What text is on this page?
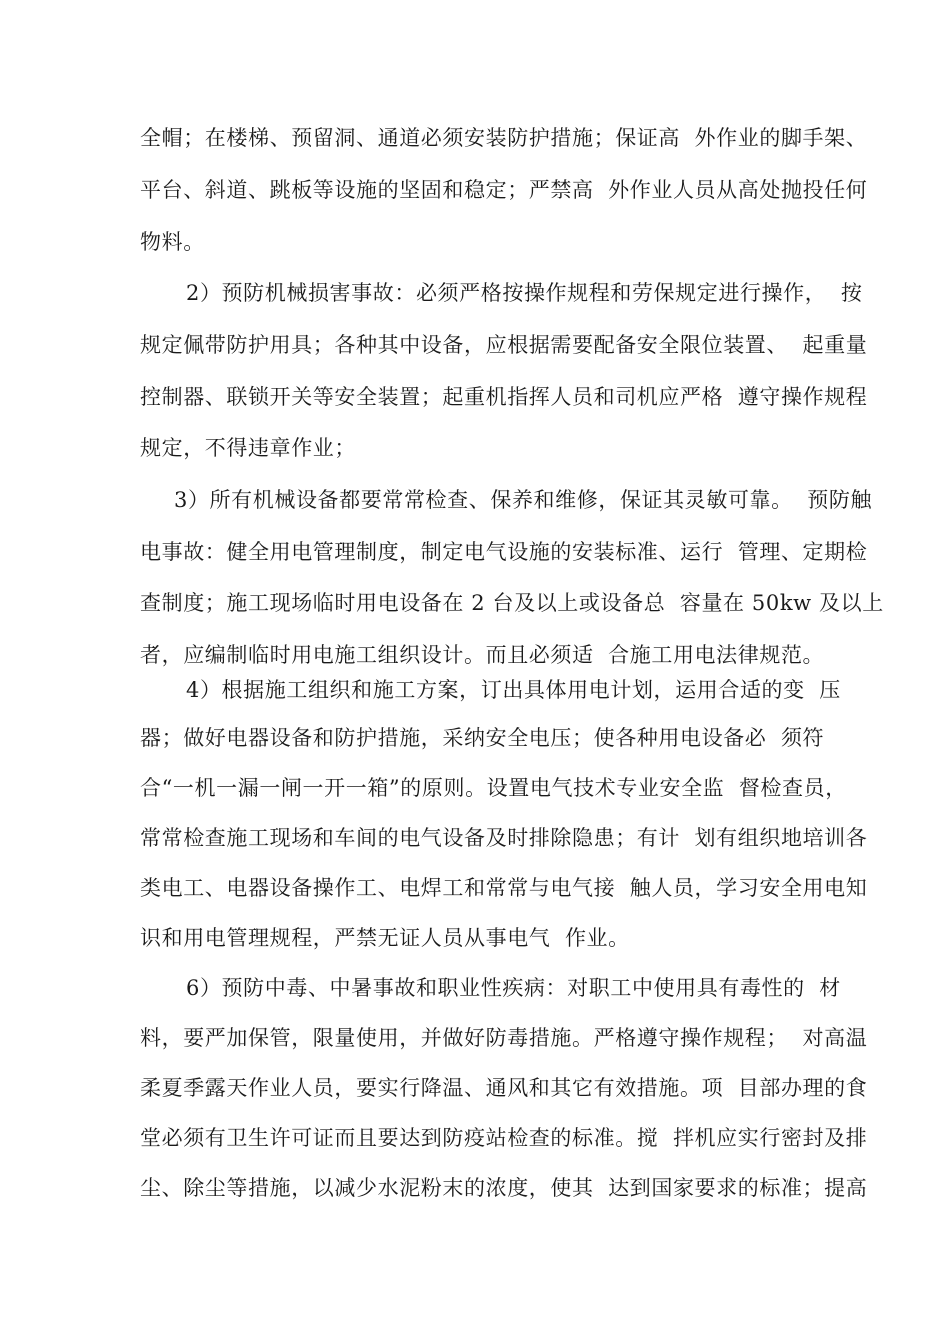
全帽；在楼梯、预留洞、通道必须安装防护措施；保证高  外作业的脚手架、
平台、斜道、跳板等设施的坚固和稳定；严禁高  外作业人员从高处抛投任何
物料。
2）预防机械损害事故：必须严格按操作规程和劳保规定进行操作，  按
规定佩带防护用具；各种其中设备，应根据需要配备安全限位装置、  起重量
控制器、联锁开关等安全装置；起重机指挥人员和司机应严格  遵守操作规程
规定，不得违章作业；
3）所有机械设备都要常常检查、保养和维修，保证其灵敏可靠。  预防触
电事故：健全用电管理制度，制定电气设施的安装标准、运行  管理、定期检
查制度；施工现场临时用电设备在 2 台及以上或设备总  容量在 50kw 及以上
者，应编制临时用电施工组织设计。而且必须适  合施工用电法律规范。
4）根据施工组织和施工方案，订出具体用电计划，运用合适的变  压
器；做好电器设备和防护措施，采纳安全电压；使各种用电设备必  须符
合“一机一漏一闸一开一箱”的原则。设置电气技术专业安全监  督检查员，
常常检查施工现场和车间的电气设备及时排除隐患；有计  划有组织地培训各
类电工、电器设备操作工、电焊工和常常与电气接  触人员，学习安全用电知
识和用电管理规程，严禁无证人员从事电气  作业。
6）预防中毒、中暑事故和职业性疾病：对职工中使用具有毒性的  材
料，要严加保管，限量使用，并做好防毒措施。严格遵守操作规程；  对高温
柔夏季露天作业人员，要实行降温、通风和其它有效措施。项  目部办理的食
堂必须有卫生许可证而且要达到防疫站检查的标准。搅  拌机应实行密封及排
尘、除尘等措施，以减少水泥粉末的浓度，使其  达到国家要求的标准；提高
